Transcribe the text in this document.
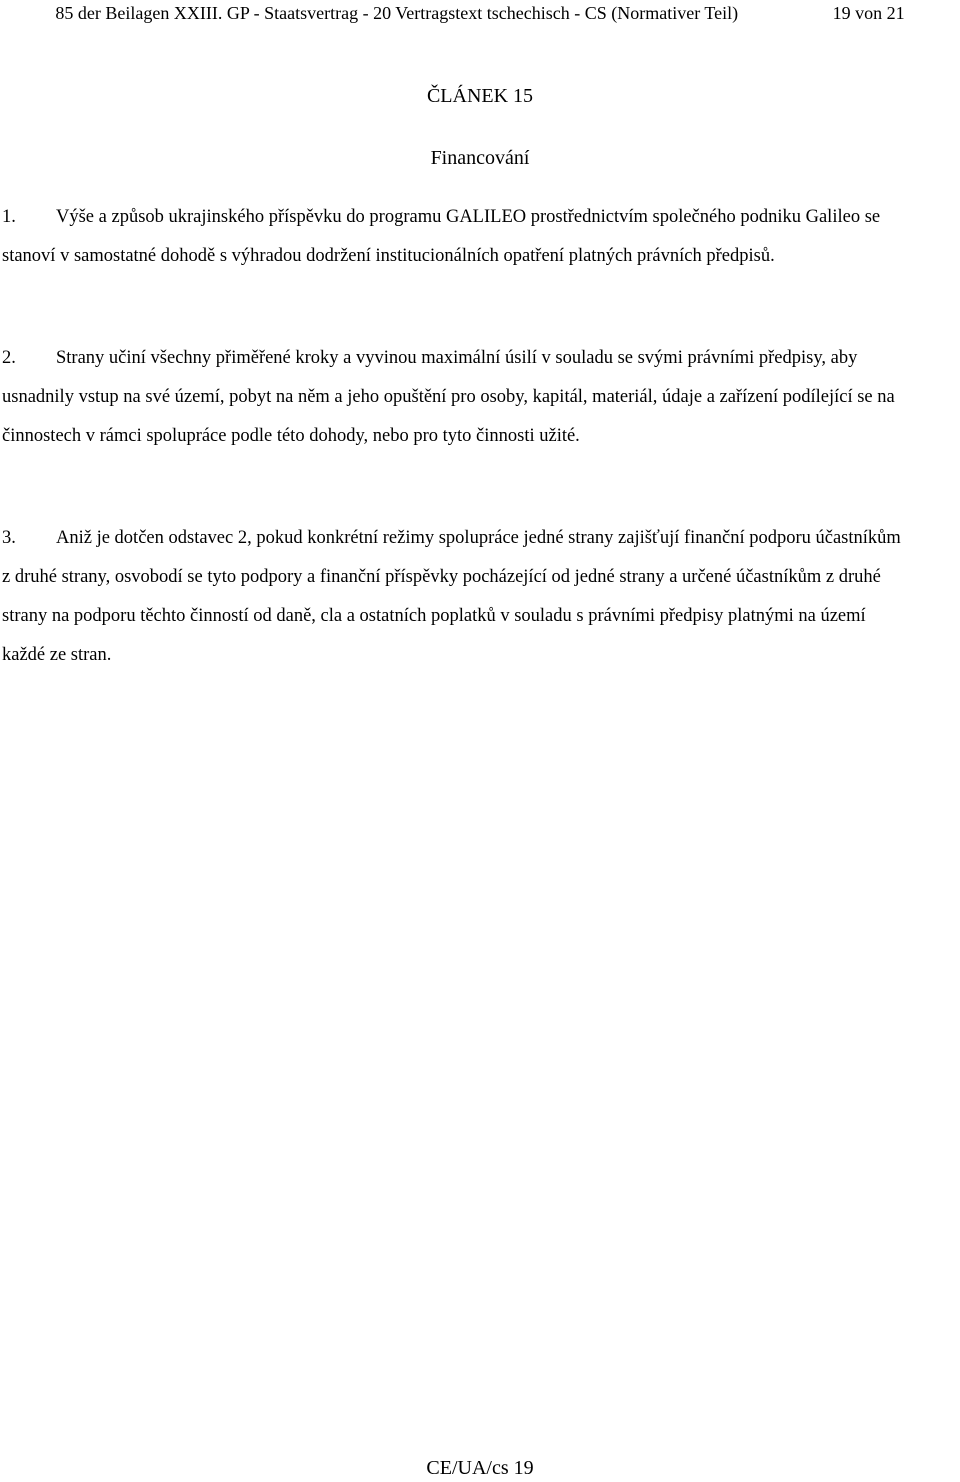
85 der Beilagen XXIII. GP - Staatsvertrag - 20 Vertragstext tschechisch - CS (Normativer Teil)	19 von 21
ČLÁNEK 15
Financování
1. Výše a způsob ukrajinského příspěvku do programu GALILEO prostřednictvím společného podniku Galileo se stanoví v samostatné dohodě s výhradou dodržení institucionálních opatření platných právních předpisů.
2. Strany učiní všechny přiměřené kroky a vyvinou maximální úsilí v souladu se svými právními předpisy, aby usnadnily vstup na své území, pobyt na něm a jeho opuštění pro osoby, kapitál, materiál, údaje a zařízení podílející se na činnostech v rámci spolupráce podle této dohody, nebo pro tyto činnosti užité.
3. Aniž je dotčen odstavec 2, pokud konkrétní režimy spolupráce jedné strany zajišťují finanční podporu účastníkům z druhé strany, osvobodí se tyto podpory a finanční příspěvky pocházející od jedné strany a určené účastníkům z druhé strany na podporu těchto činností od daně, cla a ostatních poplatků v souladu s právními předpisy platnými na území každé ze stran.
CE/UA/cs 19
